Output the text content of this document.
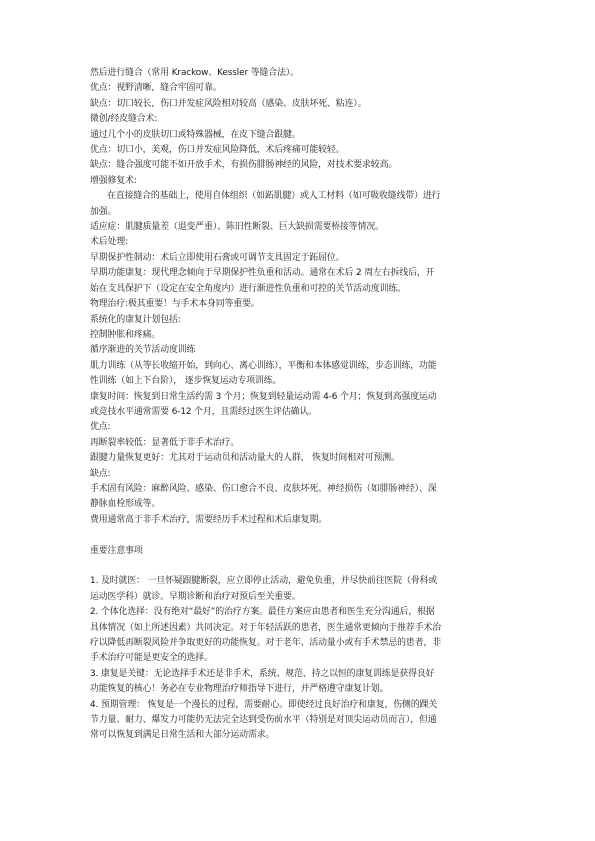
然后进行缝合（常用 Krackow、Kessler 等缝合法）。
优点：视野清晰，缝合牢固可靠。
缺点：切口较长，伤口并发症风险相对较高（感染、皮肤坏死、粘连）。
微创/经皮缝合术:
通过几个小的皮肤切口或特殊器械，在皮下缝合跟腱。
优点：切口小，美观，伤口并发症风险降低，术后疼痛可能较轻。
缺点：缝合强度可能不如开放手术，有损伤腓肠神经的风险，对技术要求较高。
增强修复术:
在直接缝合的基础上，使用自体组织（如跖肌腱）或人工材料（如可吸收缝线带）进行
加强。
适应症：肌腱质量差（退变严重）、陈旧性断裂、巨大缺损需要桥接等情况。
术后处理:
早期保护性制动：术后立即使用石膏或可调节支具固定于跖屈位。
早期功能康复：现代理念倾向于早期保护性负重和活动。通常在术后 2 周左右拆线后，开
始在支具保护下（设定在安全角度内）进行渐进性负重和可控的关节活动度训练。
物理治疗:极其重要！与手术本身同等重要。
系统化的康复计划包括:
控制肿胀和疼痛。
循序渐进的关节活动度训练
肌力训练（从等长收缩开始，到向心、离心训练），平衡和本体感觉训练，步态训练，功能
性训练（如上下台阶）， 逐步恢复运动专项训练。
康复时间：恢复到日常生活约需 3 个月；恢复到轻量运动需 4-6 个月；恢复到高强度运动
或竞技水平通常需要 6-12 个月，且需经过医生评估确认。
优点:
再断裂率较低：显著低于非手术治疗。
跟腱力量恢复更好：尤其对于运动员和活动量大的人群， 恢复时间相对可预测。
缺点:
手术固有风险：麻醉风险、感染、伤口愈合不良、皮肤坏死、神经损伤（如腓肠神经）、深
静脉血栓形成等。
费用通常高于非手术治疗，需要经历手术过程和术后康复期。
重要注意事项
1. 及时就医： 一旦怀疑跟腱断裂，应立即停止活动，避免负重，并尽快前往医院（骨科或
运动医学科）就诊。早期诊断和治疗对预后至关重要。
2. 个体化选择：没有绝对“最好”的治疗方案。最佳方案应由患者和医生充分沟通后，根据
具体情况（如上所述因素）共同决定。对于年轻活跃的患者，医生通常更倾向于推荐手术治
疗以降低再断裂风险并争取更好的功能恢复。对于老年、活动量小或有手术禁忌的患者，非
手术治疗可能是更安全的选择。
3. 康复是关键：无论选择手术还是非手术，系统、规范、持之以恒的康复训练是获得良好
功能恢复的核心！务必在专业物理治疗师指导下进行，并严格遵守康复计划。
4. 预期管理： 恢复是一个漫长的过程，需要耐心。即使经过良好治疗和康复，伤侧的踝关
节力量、耐力、爆发力可能仍无法完全达到受伤前水平（特别是对顶尖运动员而言），但通
常可以恢复到满足日常生活和大部分运动需求。
